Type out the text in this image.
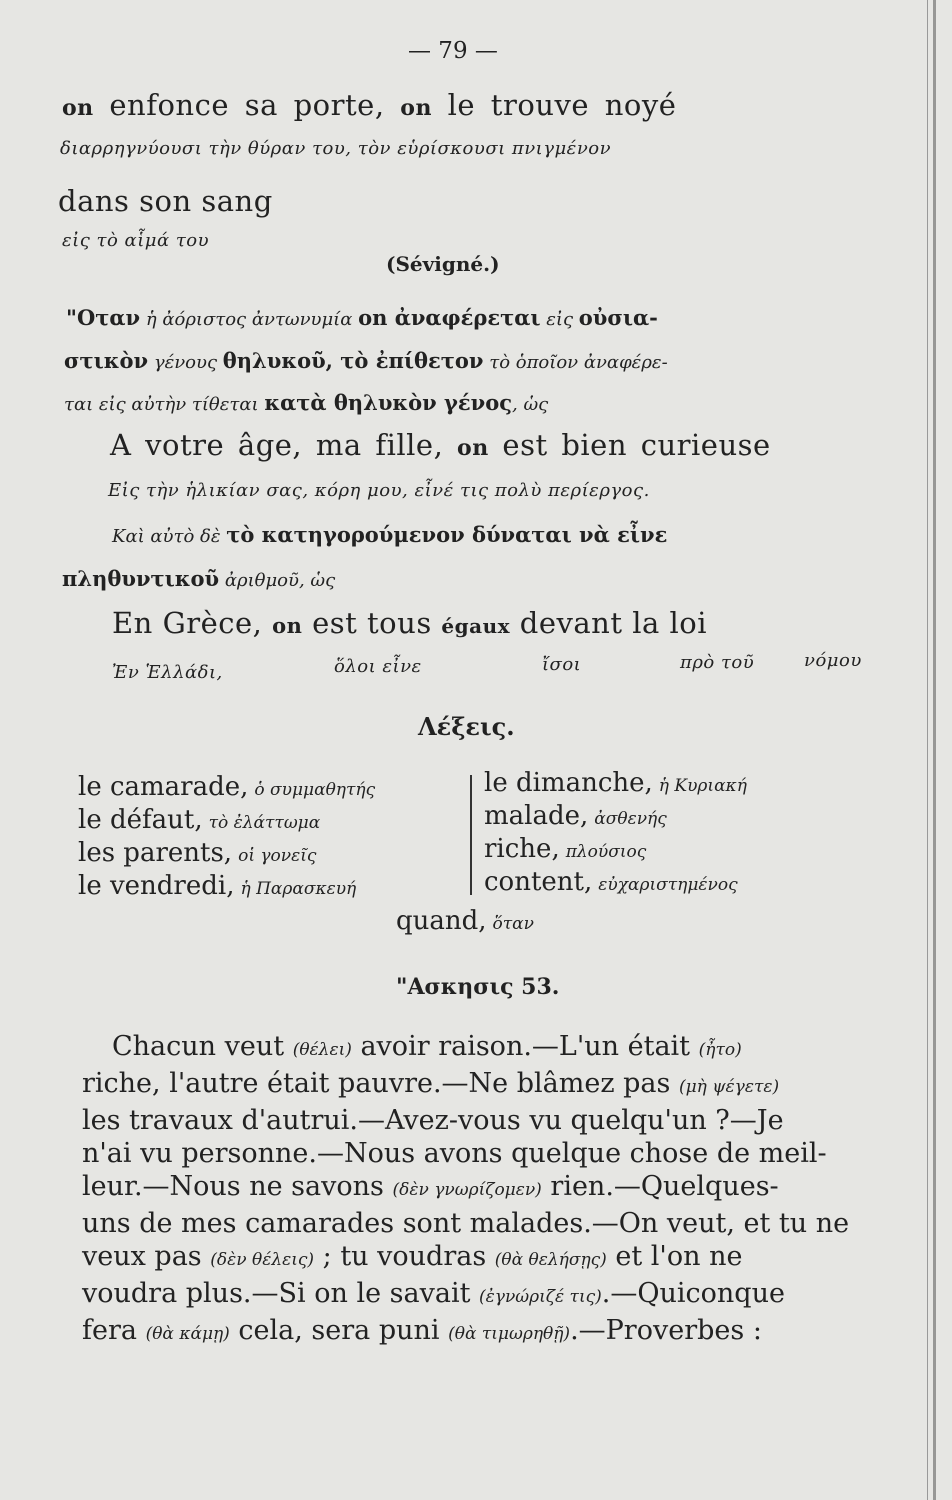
— 79 —
on enfonce sa porte, on le trouve noyé
διαρρηγνύουσι τὴν θύραν του, τὸν εὑρίσκουσι πνιγμένον
dans son sang
εἰς τὸ αἷμά του
(Sévigné.)
"Οταν ἡ ἀόριστος ἀντωνυμία on ἀναφέρεται εἰς οὐσια-
στικὸν γένους θηλυκοῦ, τὸ ἐπίθετον τὸ ὁποῖον ἀναφέρε-
ται εἰς αὐτὴν τίθεται κατὰ θηλυκὸν γένος, ὡς
A votre âge, ma fille, on est bien curieuse
Εἰς τὴν ἡλικίαν σας, κόρη μου, εἶνέ τις πολὺ περίεργος.
Καὶ αὐτὸ δὲ τὸ κατηγορούμενον δύναται νὰ εἶνε
πληθυντικοῦ ἀριθμοῦ, ὡς
En Grèce, on est tous égaux devant la loi
Ἐν Ἑλλάδι,	ὅλοι εἶνε	ἴσοι	πρὸ τοῦ	νόμου
Λέξεις.
le camarade, ὁ συμμαθητής
le défaut, τὸ ἐλάττωμα
les parents, οἱ γονεῖς
le vendredi, ἡ Παρασκευή
le dimanche, ἡ Κυριακή
malade, ἀσθενής
riche, πλούσιος
content, εὐχαριστημένος
quand, ὅταν
"Ασκησις 53.
Chacun veut (θέλει) avoir raison.—L'un était (ἦτο)
riche, l'autre était pauvre.—Ne blâmez pas (μὴ ψέγετε)
les travaux d'autrui.—Avez-vous vu quelqu'un ?—Je
n'ai vu personne.—Nous avons quelque chose de meil-
leur.—Nous ne savons (δὲν γνωρίζομεν) rien.—Quelques-
uns de mes camarades sont malades.—On veut, et tu ne
veux pas (δὲν θέλεις) ; tu voudras (θὰ θελήσῃς) et l'on ne
voudra plus.—Si on le savait (ἐγνώριζέ τις).—Quiconque
fera (θὰ κάμῃ) cela, sera puni (θὰ τιμωρηθῇ).—Proverbes :
